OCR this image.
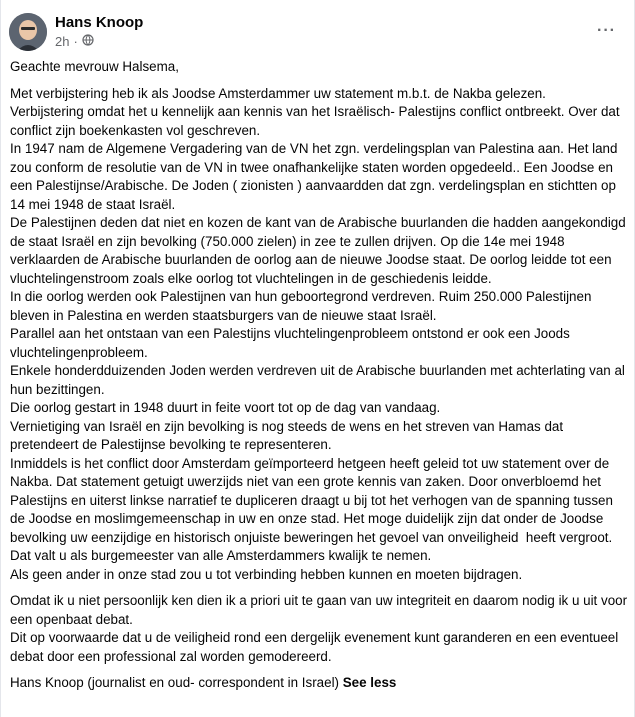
Hans Knoop
2h ·
···

Geachte mevrouw Halsema,

Met verbijstering heb ik als Joodse Amsterdammer uw statement m.b.t. de Nakba gelezen.
Verbijstering omdat het u kennelijk aan kennis van het Israëlisch- Palestijns conflict ontbreekt. Over dat conflict zijn boekenkasten vol geschreven.
In 1947 nam de Algemene Vergadering van de VN het zgn. verdelingsplan van Palestina aan. Het land zou conform de resolutie van de VN in twee onafhankelijke staten worden opgedeeld.. Een Joodse en een Palestijnse/Arabische. De Joden ( zionisten ) aanvaardden dat zgn. verdelingsplan en stichtten op 14 mei 1948 de staat Israël.
De Palestijnen deden dat niet en kozen de kant van de Arabische buurlanden die hadden aangekondigd de staat Israël en zijn bevolking (750.000 zielen) in zee te zullen drijven. Op die 14e mei 1948 verklaarden de Arabische buurlanden de oorlog aan de nieuwe Joodse staat. De oorlog leidde tot een vluchtelingenstroom zoals elke oorlog tot vluchtelingen in de geschiedenis leidde.
In die oorlog werden ook Palestijnen van hun geboortegrond verdreven. Ruim 250.000 Palestijnen bleven in Palestina en werden staatsburgers van de nieuwe staat Israël.
Parallel aan het ontstaan van een Palestijns vluchtelingenprobleem ontstond er ook een Joods vluchtelingenprobleem.
Enkele honderdduizenden Joden werden verdreven uit de Arabische buurlanden met achterlating van al hun bezittingen.
Die oorlog gestart in 1948 duurt in feite voort tot op de dag van vandaag.
Vernietiging van Israël en zijn bevolking is nog steeds de wens en het streven van Hamas dat pretendeert de Palestijnse bevolking te representeren.
Inmiddels is het conflict door Amsterdam geïmporteerd hetgeen heeft geleid tot uw statement over de Nakba. Dat statement getuigt uwerzijds niet van een grote kennis van zaken. Door onverbloemd het Palestijns en uiterst linkse narratief te dupliceren draagt u bij tot het verhogen van de spanning tussen de Joodse en moslimgemeenschap in uw en onze stad. Het moge duidelijk zijn dat onder de Joodse bevolking uw eenzijdige en historisch onjuiste beweringen het gevoel van onveiligheid  heeft vergroot.
Dat valt u als burgemeester van alle Amsterdammers kwalijk te nemen.
Als geen ander in onze stad zou u tot verbinding hebben kunnen en moeten bijdragen.
Omdat ik u niet persoonlijk ken dien ik a priori uit te gaan van uw integriteit en daarom nodig ik u uit voor een openbaat debat.
Dit op voorwaarde dat u de veiligheid rond een dergelijk evenement kunt garanderen en een eventueel debat door een professional zal worden gemodereerd.

Hans Knoop (journalist en oud- correspondent in Israel) See less
